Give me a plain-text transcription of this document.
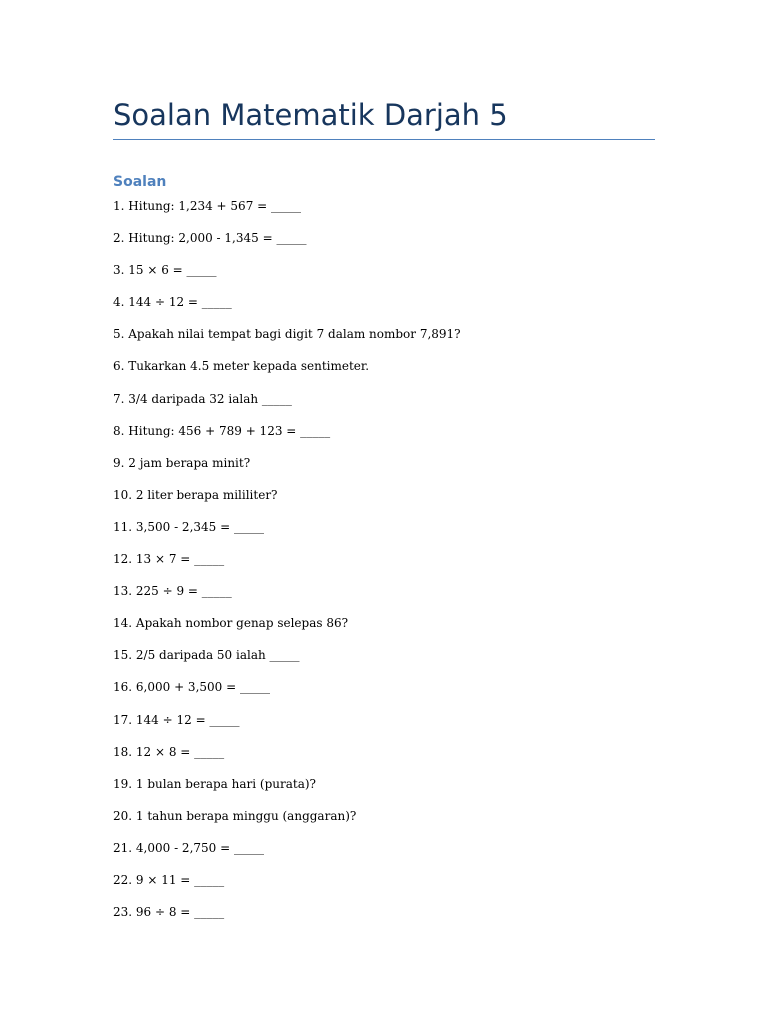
Soalan Matematik Darjah 5
Soalan
1. Hitung: 1,234 + 567 = _____
2. Hitung: 2,000 - 1,345 = _____
3. 15 × 6 = _____
4. 144 ÷ 12 = _____
5. Apakah nilai tempat bagi digit 7 dalam nombor 7,891?
6. Tukarkan 4.5 meter kepada sentimeter.
7. 3/4 daripada 32 ialah _____
8. Hitung: 456 + 789 + 123 = _____
9. 2 jam berapa minit?
10. 2 liter berapa mililiter?
11. 3,500 - 2,345 = _____
12. 13 × 7 = _____
13. 225 ÷ 9 = _____
14. Apakah nombor genap selepas 86?
15. 2/5 daripada 50 ialah _____
16. 6,000 + 3,500 = _____
17. 144 ÷ 12 = _____
18. 12 × 8 = _____
19. 1 bulan berapa hari (purata)?
20. 1 tahun berapa minggu (anggaran)?
21. 4,000 - 2,750 = _____
22. 9 × 11 = _____
23. 96 ÷ 8 = _____
